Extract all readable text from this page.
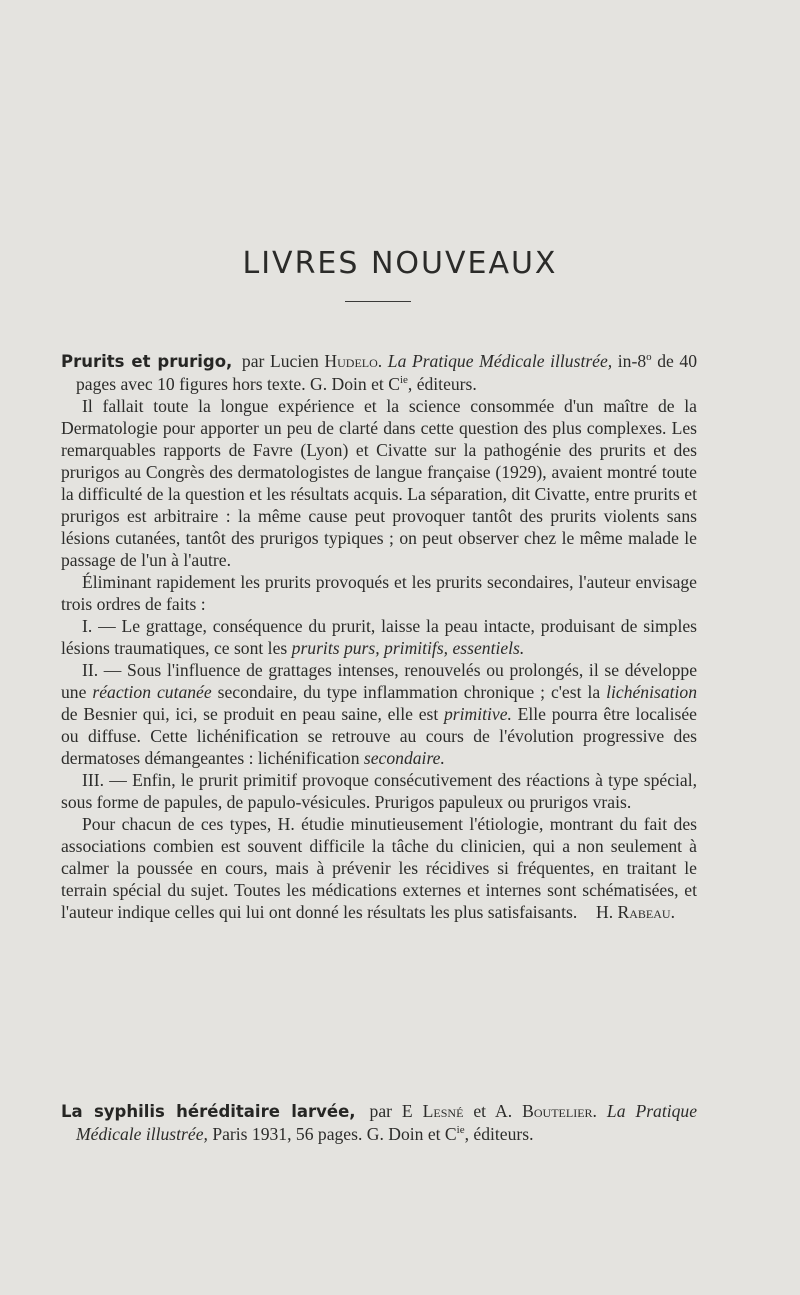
LIVRES NOUVEAUX

Prurits et prurigo, par Lucien Hudelo. La Pratique Médicale illustrée, in-8$^o$ de 40 pages avec 10 figures hors texte. G. Doin et $C^{ie}$, éditeurs.

Il fallait toute la longue expérience et la science consommée d'un maître de la Dermatologie pour apporter un peu de clarté dans cette question des plus complexes. Les remarquables rapports de Favre (Lyon) et Civatte sur la pathogénie des prurits et des prurigos au Congrès des dermatologistes de langue française (1929), avaient montré toute la difficulté de la question et les résultats acquis. La séparation, dit Civatte, entre prurits et prurigos est arbitraire : la même cause peut provoquer tantôt des prurits violents sans lésions cutanées, tantôt des prurigos typiques ; on peut observer chez le même malade le passage de l'un à l'autre.

Éliminant rapidement les prurits provoqués et les prurits secondaires, l'auteur envisage trois ordres de faits :

I. — Le grattage, conséquence du prurit, laisse la peau intacte, produisant de simples lésions traumatiques, ce sont les prurits purs, primitifs, essentiels.

II. — Sous l'influence de grattages intenses, renouvelés ou prolongés, il se développe une réaction cutanée secondaire, du type inflammation chronique ; c'est la lichénisation de Besnier qui, ici, se produit en peau saine, elle est primitive. Elle pourra être localisée ou diffuse. Cette lichénification se retrouve au cours de l'évolution progressive des dermatoses démangeantes : lichénification secondaire.

III. — Enfin, le prurit primitif provoque consécutivement des réactions à type spécial, sous forme de papules, de papulo-vésicules. Prurigos papuleux ou prurigos vrais.

Pour chacun de ces types, H. étudie minutieusement l'étiologie, montrant du fait des associations combien est souvent difficile la tâche du clinicien, qui a non seulement à calmer la poussée en cours, mais à prévenir les récidives si fréquentes, en traitant le terrain spécial du sujet. Toutes les médications externes et internes sont schématisées, et l'auteur indique celles qui lui ont donné les résultats les plus satisfaisants.	H. Rabeau.

La syphilis héréditaire larvée, par E Lesné et A. Boutelier. La Pratique Médicale illustrée, Paris 1931, 56 pages. G. Doin et $C^{ie}$, éditeurs.
